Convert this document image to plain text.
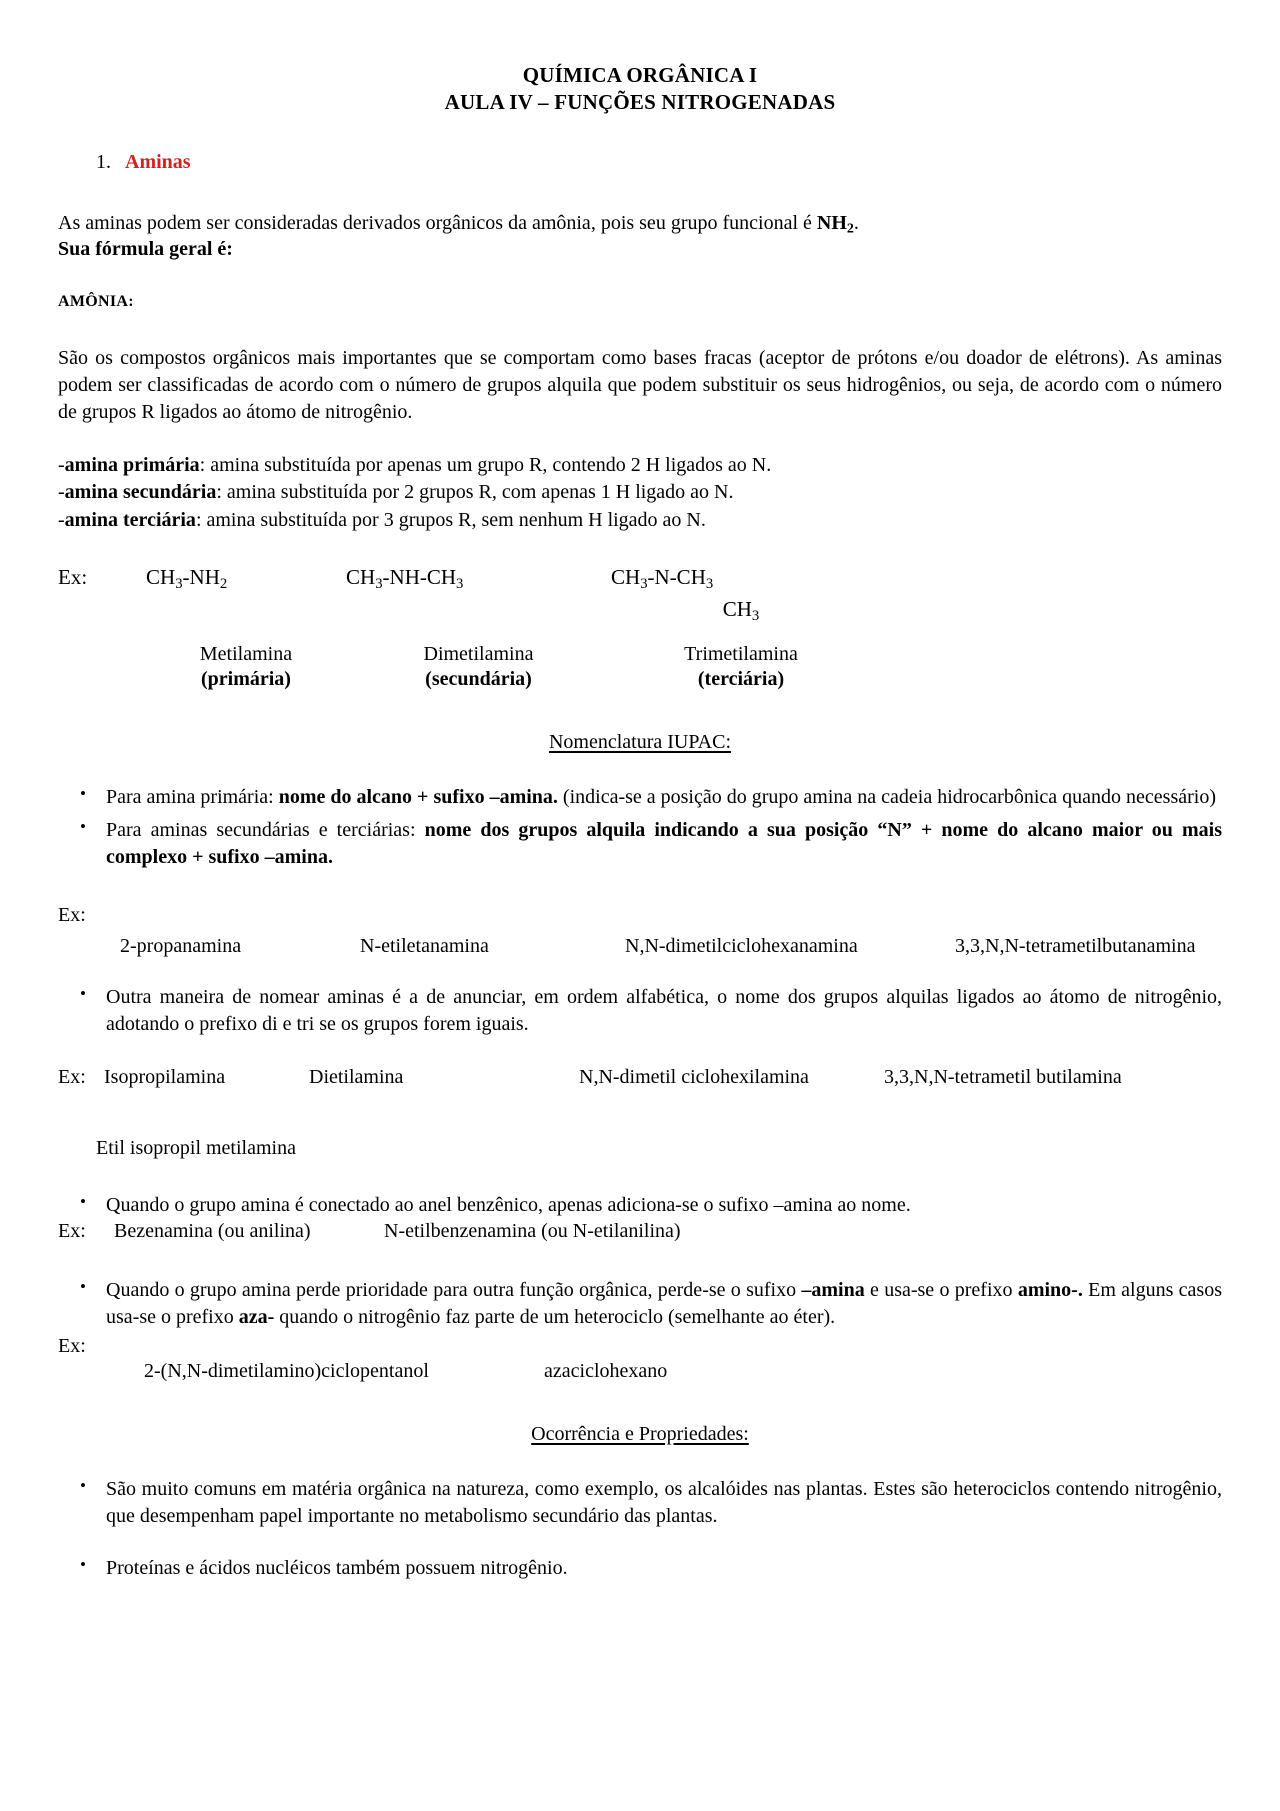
QUÍMICA ORGÂNICA I
AULA IV – FUNÇÕES NITROGENADAS
1. Aminas

As aminas podem ser consideradas derivados orgânicos da amônia, pois seu grupo funcional é $NH_2$.

Sua fórmula geral é:

AMÔNIA:

São os compostos orgânicos mais importantes que se comportam como bases fracas (aceptor de prótons e/ou doador de elétrons). As aminas podem ser classificadas de acordo com o número de grupos alquila que podem substituir os seus hidrogênios, ou seja, de acordo com o número de grupos R ligados ao átomo de nitrogênio.

-amina primária: amina substituída por apenas um grupo R, contendo 2 H ligados ao N.

-amina secundária: amina substituída por 2 grupos R, com apenas 1 H ligado ao N.

-amina terciária: amina substituída por 3 grupos R, sem nenhum H ligado ao N.

Ex:	$CH_3-NH_2$	$CH_3-NH-CH_3$	$CH_3-N-CH_3$
$CH_3$
Metilamina	Dimetilamina	Trimetilamina
(primária)	(secundária)	(terciária)
Nomenclatura IUPAC:
• Para amina primária: nome do alcano + sufixo –amina. (indica-se a posição do grupo amina na cadeia hidrocarbônica quando necessário)
• Para aminas secundárias e terciárias: nome dos grupos alquila indicando a sua posição “N” + nome do alcano maior ou mais complexo + sufixo –amina.

Ex:

2-propanamina	N-etiletanamina	N,N-dimetilciclohexanamina	3,3,N,N-tetrametilbutanamina
• Outra maneira de nomear aminas é a de anunciar, em ordem alfabética, o nome dos grupos alquilas ligados ao átomo de nitrogênio, adotando o prefixo di e tri se os grupos forem iguais.
Ex: Isopropilamina	Dietilamina	N,N-dimetil ciclohexilamina	3,3,N,N-tetrametil butilamina

Etil isopropil metilamina

• Quando o grupo amina é conectado ao anel benzênico, apenas adiciona-se o sufixo –amina ao nome.
Ex:	Bezenamina (ou anilina)	N-etilbenzenamina (ou N-etilanilina)
• Quando o grupo amina perde prioridade para outra função orgânica, perde-se o sufixo –amina e usa-se o prefixo amino-. Em alguns casos usa-se o prefixo aza- quando o nitrogênio faz parte de um heterociclo (semelhante ao éter).

Ex:

2-(N,N-dimetilamino)ciclopentanol	azaciclohexano
Ocorrência e Propriedades:
• São muito comuns em matéria orgânica na natureza, como exemplo, os alcalóides nas plantas. Estes são heterociclos contendo nitrogênio, que desempenham papel importante no metabolismo secundário das plantas.
• Proteínas e ácidos nucléicos também possuem nitrogênio.
